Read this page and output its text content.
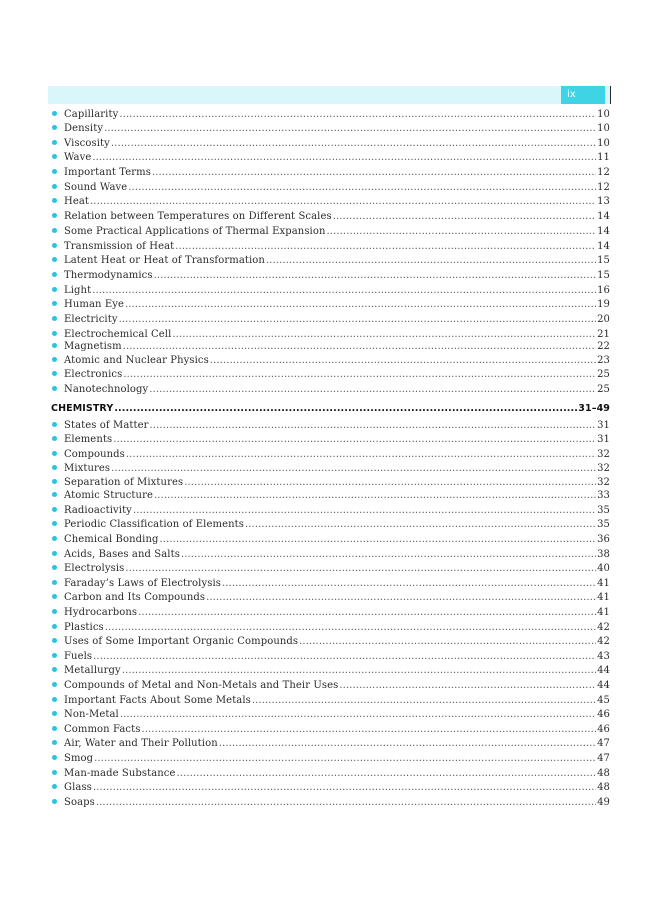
ix
Capillarity .....	10
Density .....	10
Viscosity .....	10
Wave .....	11
Important Terms .....	12
Sound Wave .....	12
Heat .....	13
Relation between Temperatures on Different Scales .....	14
Some Practical Applications of Thermal Expansion .....	14
Transmission of Heat .....	14
Latent Heat or Heat of Transformation .....	15
Thermodynamics .....	15
Light .....	16
Human Eye .....	19
Electricity .....	20
Electrochemical Cell .....	21
Magnetism .....	22
Atomic and Nuclear Physics .....	23
Electronics .....	25
Nanotechnology .....	25
CHEMISTRY .....	31–49
States of Matter .....	31
Elements .....	31
Compounds .....	32
Mixtures .....	32
Separation of Mixtures .....	32
Atomic Structure .....	33
Radioactivity .....	35
Periodic Classification of Elements .....	35
Chemical Bonding .....	36
Acids, Bases and Salts .....	38
Electrolysis .....	40
Faraday’s Laws of Electrolysis .....	41
Carbon and Its Compounds .....	41
Hydrocarbons .....	41
Plastics .....	42
Uses of Some Important Organic Compounds .....	42
Fuels .....	43
Metallurgy .....	44
Compounds of Metal and Non-Metals and Their Uses .....	44
Important Facts About Some Metals .....	45
Non-Metal .....	46
Common Facts .....	46
Air, Water and Their Pollution .....	47
Smog .....	47
Man-made Substance .....	48
Glass .....	48
Soaps .....	49
